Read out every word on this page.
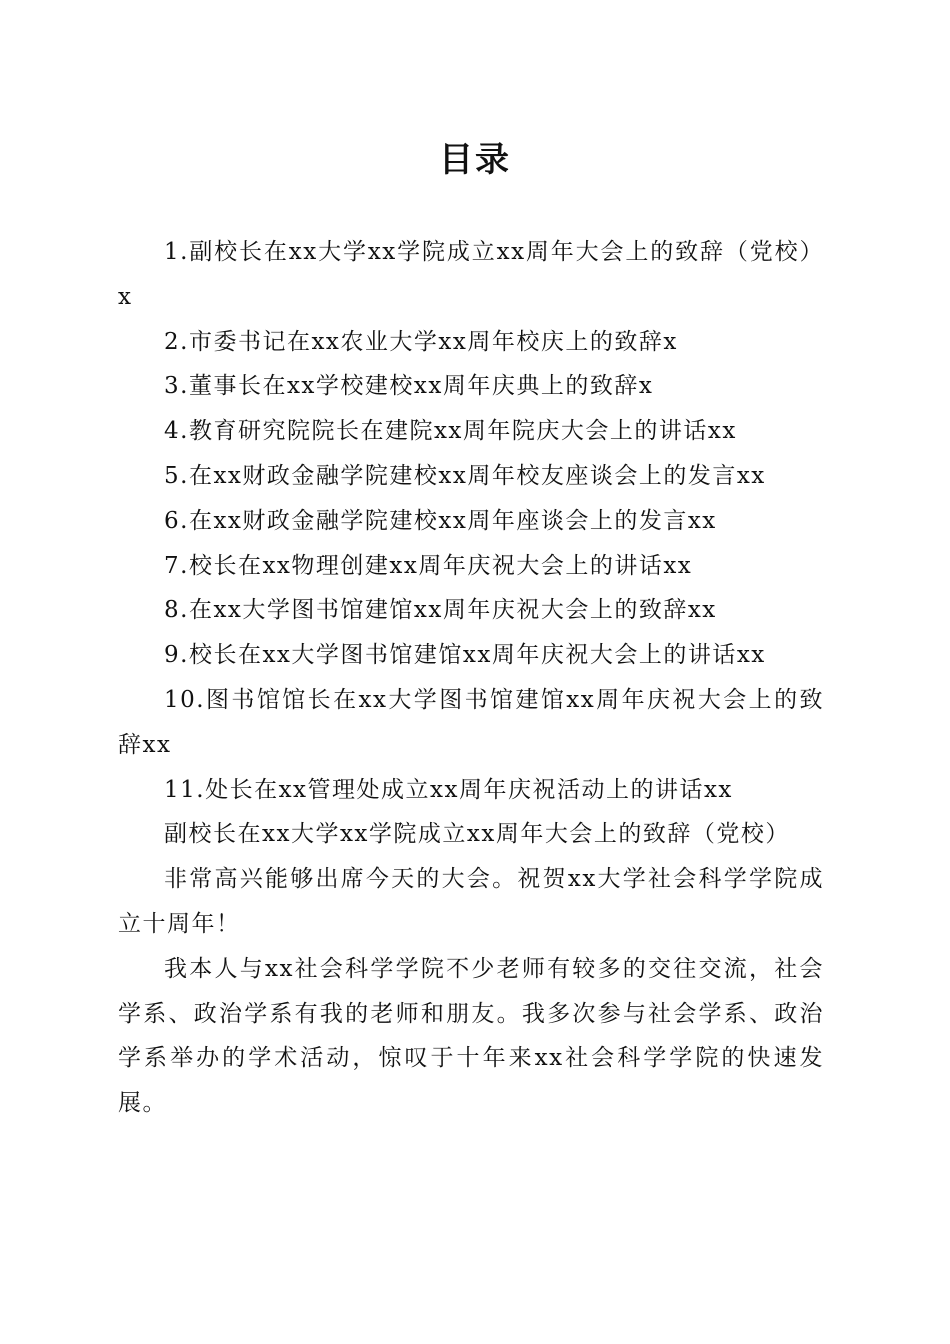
目录

1.副校长在xx大学xx学院成立xx周年大会上的致辞（党校）x

2.市委书记在xx农业大学xx周年校庆上的致辞x

3.董事长在xx学校建校xx周年庆典上的致辞x

4.教育研究院院长在建院xx周年院庆大会上的讲话xx

5.在xx财政金融学院建校xx周年校友座谈会上的发言xx

6.在xx财政金融学院建校xx周年座谈会上的发言xx

7.校长在xx物理创建xx周年庆祝大会上的讲话xx

8.在xx大学图书馆建馆xx周年庆祝大会上的致辞xx

9.校长在xx大学图书馆建馆xx周年庆祝大会上的讲话xx

10.图书馆馆长在xx大学图书馆建馆xx周年庆祝大会上的致辞xx

11.处长在xx管理处成立xx周年庆祝活动上的讲话xx

副校长在xx大学xx学院成立xx周年大会上的致辞（党校）

非常高兴能够出席今天的大会。祝贺xx大学社会科学学院成立十周年！

我本人与xx社会科学学院不少老师有较多的交往交流，社会学系、政治学系有我的老师和朋友。我多次参与社会学系、政治学系举办的学术活动，惊叹于十年来xx社会科学学院的快速发展。
